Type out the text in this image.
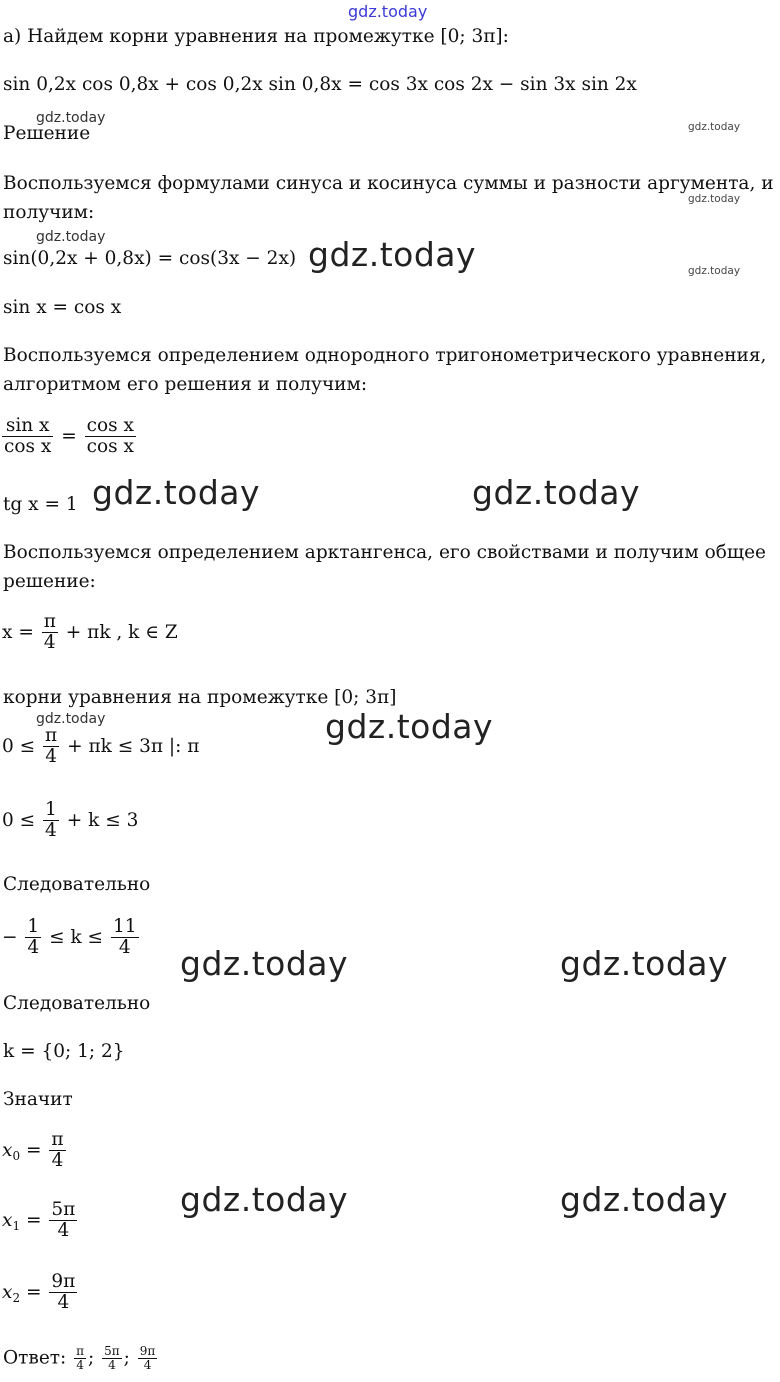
gdz.today
а) Найдем корни уравнения на промежутке [0; 3π]:
sin 0,2x cos 0,8x + cos 0,2x sin 0,8x = cos 3x cos 2x − sin 3x sin 2x
gdz.today
Решение	gdz.today
Воспользуемся формулами синуса и косинуса суммы и разности аргумента, и
получим:
gdz.today
gdz.today
sin(0,2x + 0,8x) = cos(3x − 2x) gdz.today	gdz.today
sin x = cos x
Воспользуемся определением однородного тригонометрического уравнения,
алгоритмом его решения и получим:
$\frac{\text{sin x}}{\text{cos x}} = \frac{\text{cos x}}{\text{cos x}}$
tg x = 1 gdz.today	gdz.today
Воспользуемся определением арктангенса, его свойствами и получим общее
решение:
$x = \frac{\pi}{4} + \pi k$ , k ∈ Z
корни уравнения на промежутке [0; 3π]
gdz.today	gdz.today
$0 \le \frac{\pi}{4} + \pi k \le 3\pi$ |: π
$0 \le \frac{1}{4} + k \le 3$
Следовательно
− $\frac{1}{4} \le k \le \frac{11}{4}$
gdz.today	gdz.today
Следовательно
k = {0; 1; 2}
Значит
$x_0 = \frac{\pi}{4}$
$x_1 = \frac{5\pi}{4}$
gdz.today	gdz.today
$x_2 = \frac{9\pi}{4}$
Ответ: $\frac{\pi}{4}$ ; $\frac{5\pi}{4}$ ; $\frac{9\pi}{4}$
